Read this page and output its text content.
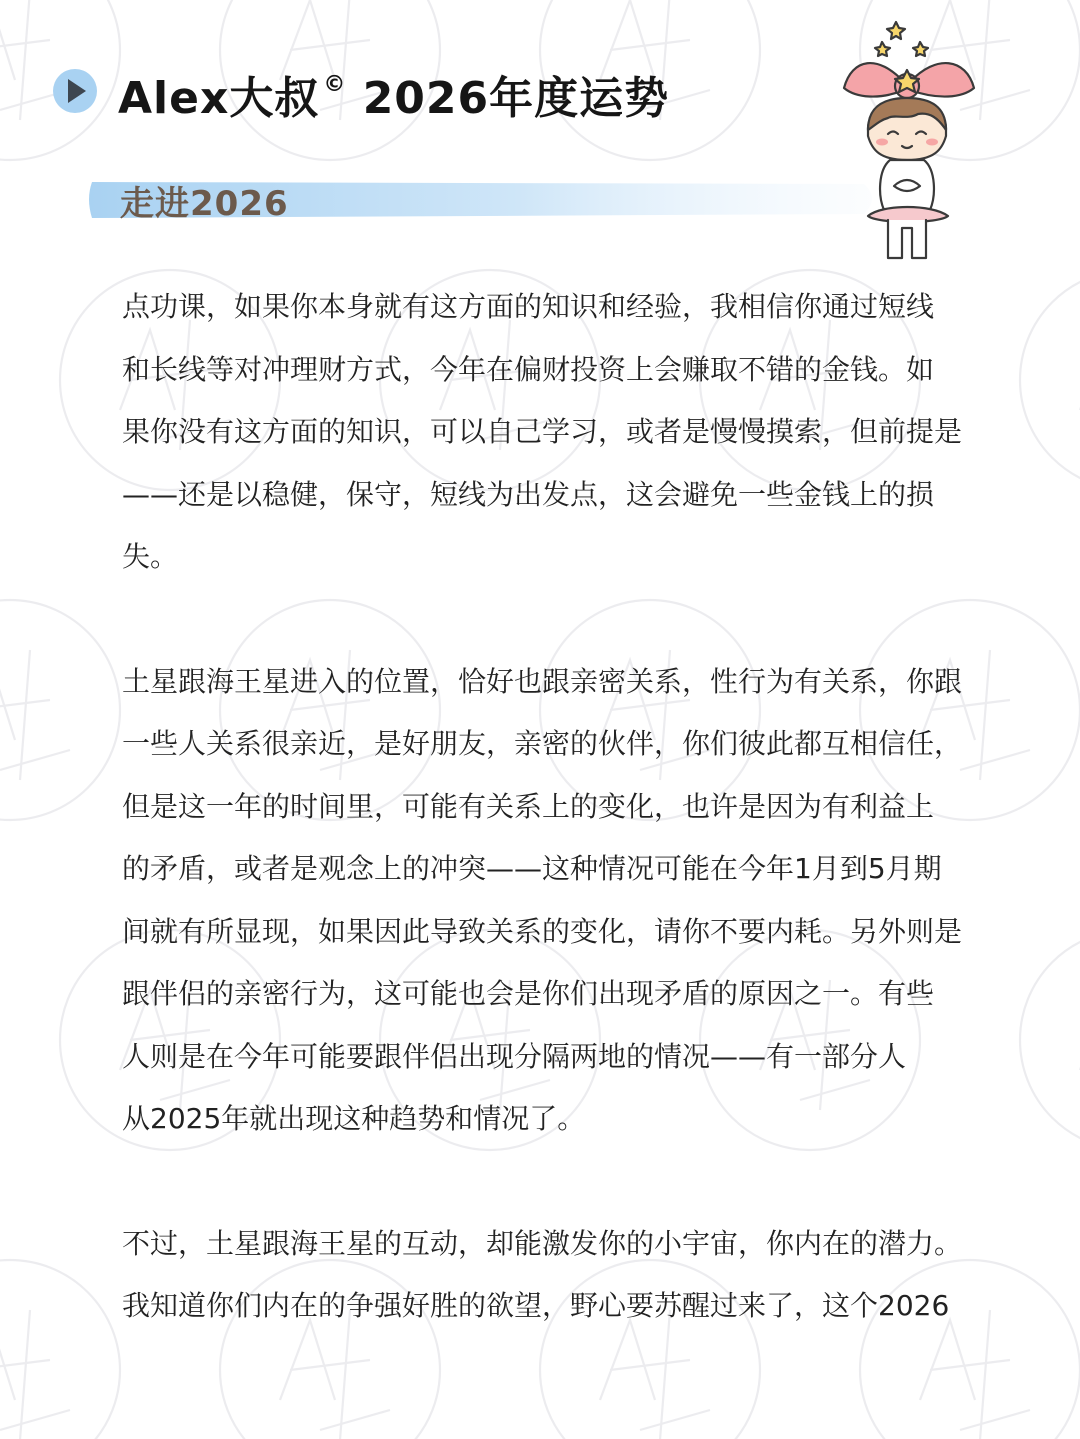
Alex大叔 © 2026年度运势
走进2026
点功课，如果你本身就有这方面的知识和经验，我相信你通过短线
和长线等对冲理财方式，今年在偏财投资上会赚取不错的金钱。如
果你没有这方面的知识，可以自己学习，或者是慢慢摸索，但前提是
——还是以稳健，保守，短线为出发点，这会避免一些金钱上的损
失。
土星跟海王星进入的位置，恰好也跟亲密关系，性行为有关系，你跟
一些人关系很亲近，是好朋友，亲密的伙伴，你们彼此都互相信任，
但是这一年的时间里，可能有关系上的变化，也许是因为有利益上
的矛盾，或者是观念上的冲突——这种情况可能在今年1月到5月期
间就有所显现，如果因此导致关系的变化，请你不要内耗。另外则是
跟伴侣的亲密行为，这可能也会是你们出现矛盾的原因之一。有些
人则是在今年可能要跟伴侣出现分隔两地的情况——有一部分人
从2025年就出现这种趋势和情况了。
不过，土星跟海王星的互动，却能激发你的小宇宙，你内在的潜力。
我知道你们内在的争强好胜的欲望，野心要苏醒过来了，这个2026
